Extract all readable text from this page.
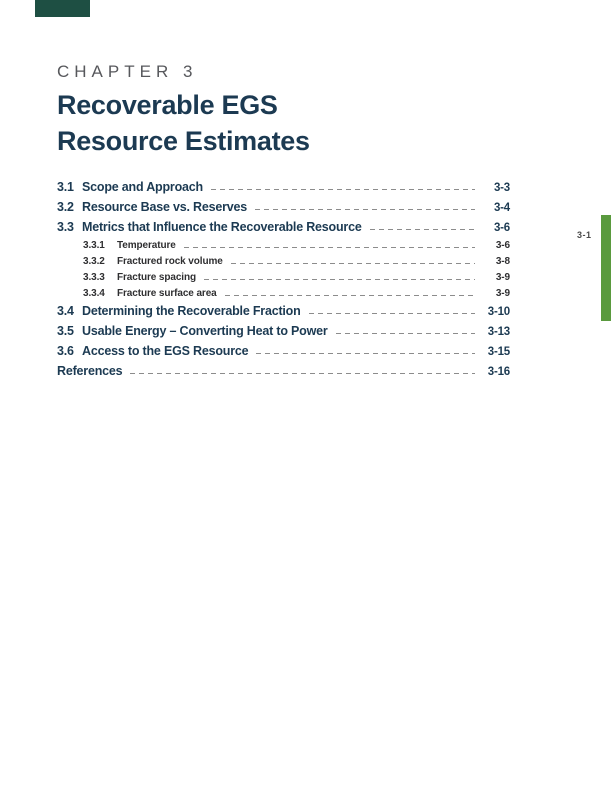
3-1
CHAPTER 3
Recoverable EGS
Resource Estimates
3.1 Scope and Approach	3-3
3.2 Resource Base vs. Reserves	3-4
3.3 Metrics that Influence the Recoverable Resource	3-6
3.3.1	Temperature	3-6
3.3.2	Fractured rock volume	3-8
3.3.3	Fracture spacing	3-9
3.3.4	Fracture surface area	3-9
3.4 Determining the Recoverable Fraction	3-10
3.5 Usable Energy – Converting Heat to Power	3-13
3.6 Access to the EGS Resource	3-15
References	3-16
